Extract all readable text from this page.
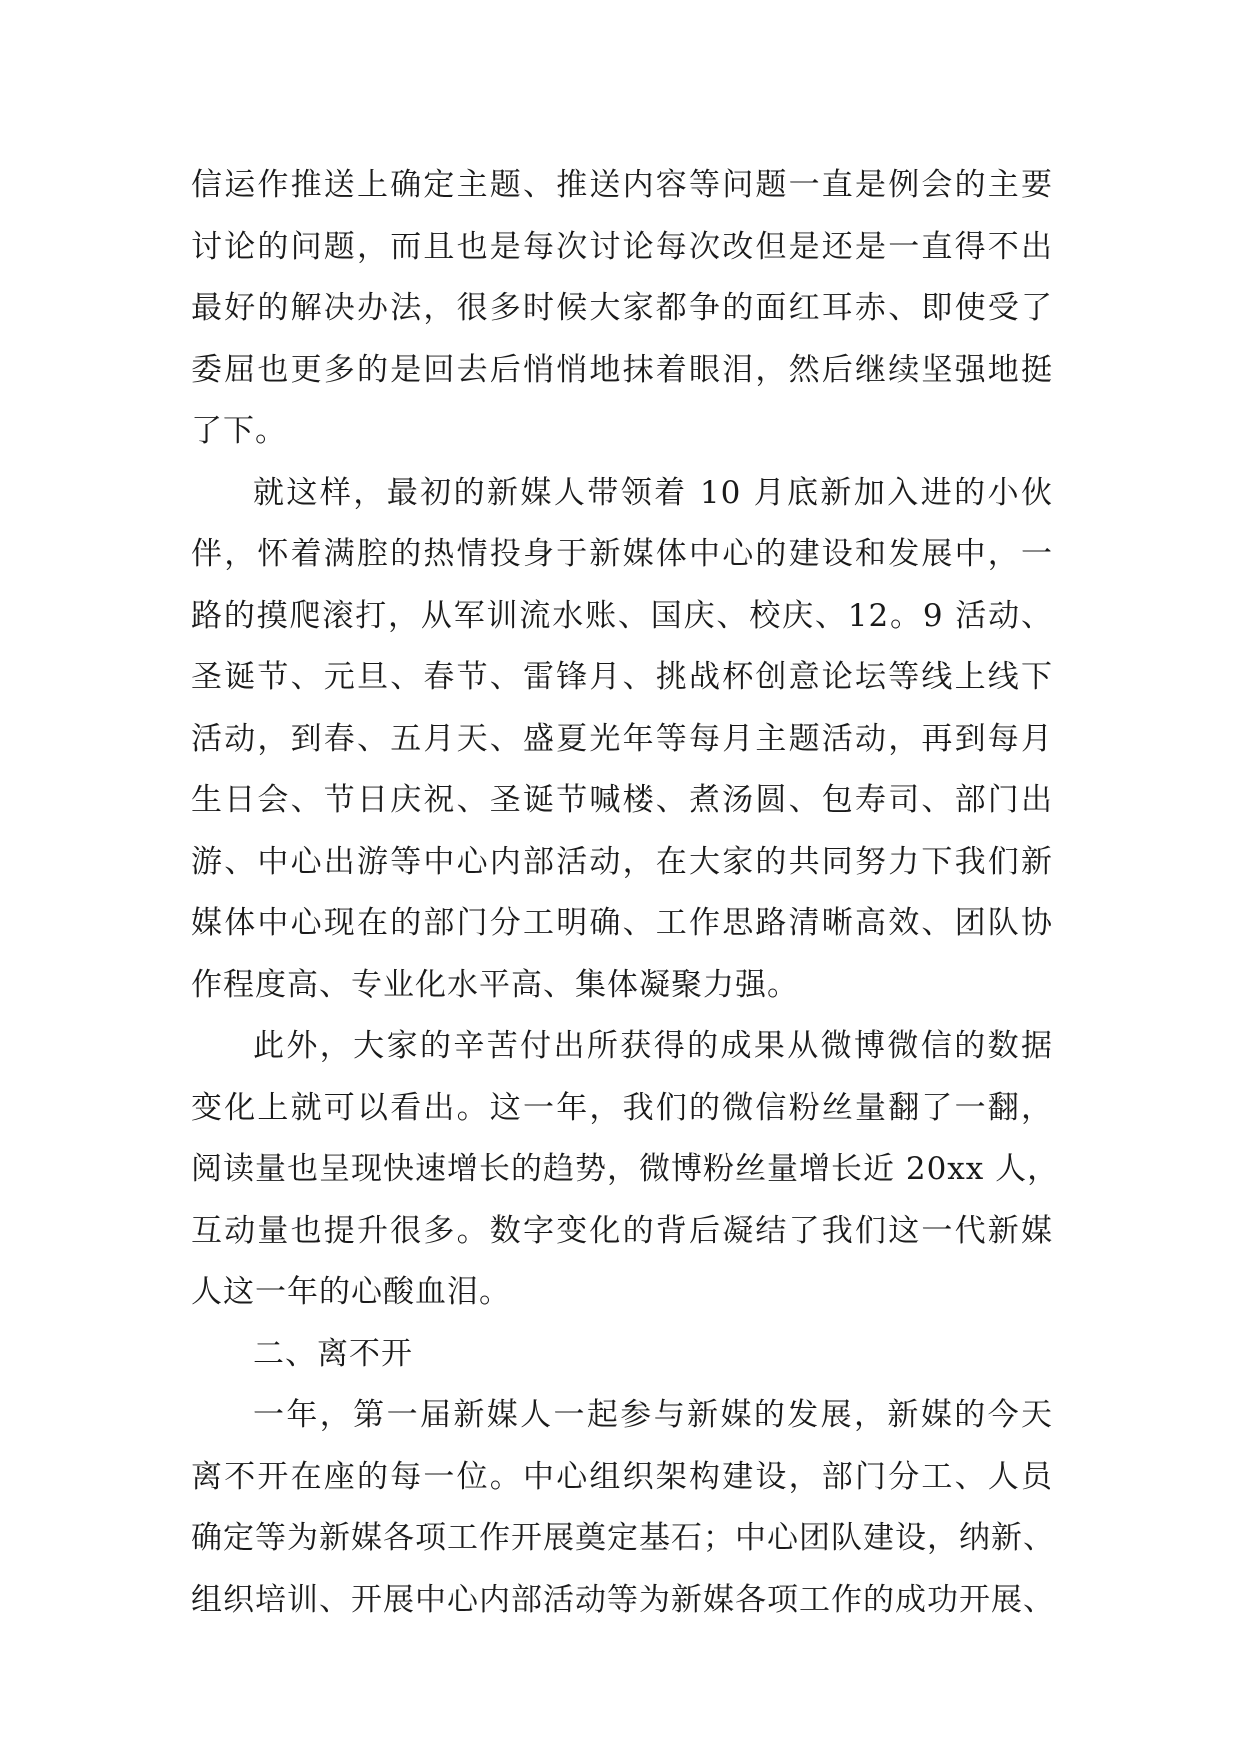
信运作推送上确定主题、推送内容等问题一直是例会的主要
讨论的问题，而且也是每次讨论每次改但是还是一直得不出
最好的解决办法，很多时候大家都争的面红耳赤、即使受了
委屈也更多的是回去后悄悄地抹着眼泪，然后继续坚强地挺
了下。
就这样，最初的新媒人带领着 10 月底新加入进的小伙
伴，怀着满腔的热情投身于新媒体中心的建设和发展中，一
路的摸爬滚打，从军训流水账、国庆、校庆、12。9 活动、
圣诞节、元旦、春节、雷锋月、挑战杯创意论坛等线上线下
活动，到春、五月天、盛夏光年等每月主题活动，再到每月
生日会、节日庆祝、圣诞节喊楼、煮汤圆、包寿司、部门出
游、中心出游等中心内部活动，在大家的共同努力下我们新
媒体中心现在的部门分工明确、工作思路清晰高效、团队协
作程度高、专业化水平高、集体凝聚力强。
此外，大家的辛苦付出所获得的成果从微博微信的数据
变化上就可以看出。这一年，我们的微信粉丝量翻了一翻，
阅读量也呈现快速增长的趋势，微博粉丝量增长近 20xx 人，
互动量也提升很多。数字变化的背后凝结了我们这一代新媒
人这一年的心酸血泪。
二、离不开
一年，第一届新媒人一起参与新媒的发展，新媒的今天
离不开在座的每一位。中心组织架构建设，部门分工、人员
确定等为新媒各项工作开展奠定基石；中心团队建设，纳新、
组织培训、开展中心内部活动等为新媒各项工作的成功开展、
